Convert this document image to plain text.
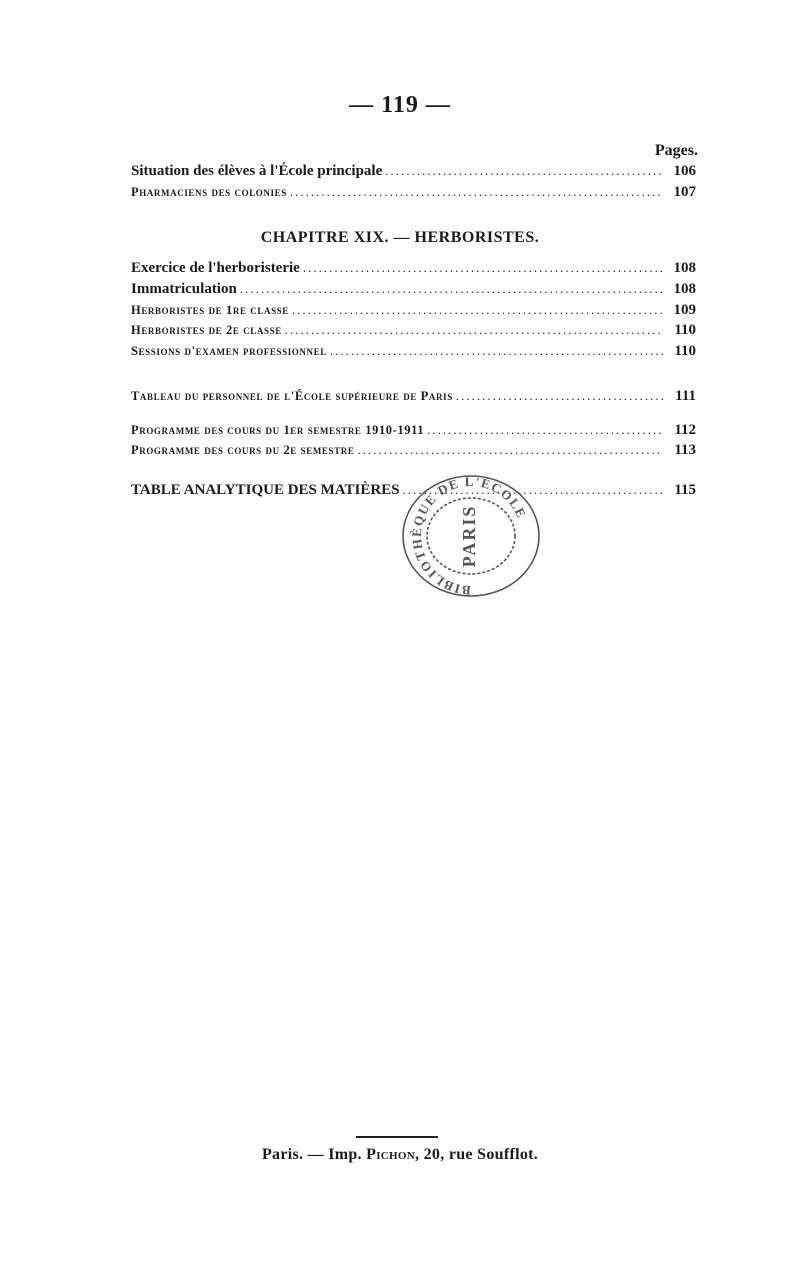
— 119 —
Pages.
Situation des élèves à l'École principale .....	106
Pharmaciens des colonies .....	107
CHAPITRE XIX. — HERBORISTES.
Exercice de l'herboristerie .....	108
Immatriculation .....	108
Herboristes de 1re classe .....	109
Herboristes de 2e classe .....	110
Sessions d'examen professionnel .....	110
Tableau du personnel de l'École supérieure de Paris .....	111
Programme des cours du 1er semestre 1910-1911 .....	112
Programme des cours du 2e semestre .....	113
TABLE ANALYTIQUE DES MATIÈRES .....	115
BIBLIOTHÈQUE DE L'ÉCOLE
PARIS
Paris. — Imp. Pichon, 20, rue Soufflot.
